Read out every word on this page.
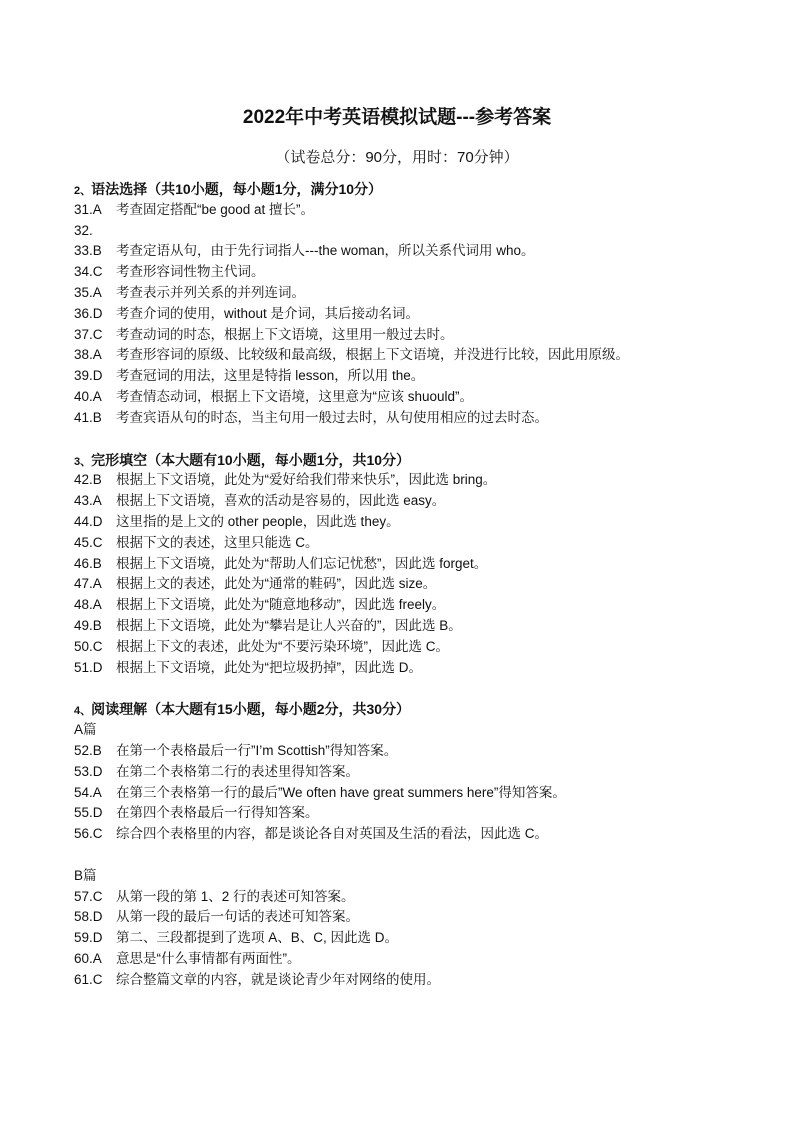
2022年中考英语模拟试题---参考答案
（试卷总分：90分，用时：70分钟）
2、语法选择（共10小题，每小题1分，满分10分）
31.A 考查固定搭配“be good at 擅长”。
32.
33.B 考查定语从句，由于先行词指人---the woman，所以关系代词用 who。
34.C 考查形容词性物主代词。
35.A 考查表示并列关系的并列连词。
36.D 考查介词的使用，without 是介词，其后接动名词。
37.C 考查动词的时态，根据上下文语境，这里用一般过去时。
38.A 考查形容词的原级、比较级和最高级，根据上下文语境，并没进行比较，因此用原级。
39.D 考查冠词的用法，这里是特指 lesson，所以用 the。
40.A 考查情态动词，根据上下文语境，这里意为“应该 shuould”。
41.B 考查宾语从句的时态，当主句用一般过去时，从句使用相应的过去时态。
3、完形填空（本大题有10小题，每小题1分，共10分）
42.B 根据上下文语境，此处为“爱好给我们带来快乐”，因此选 bring。
43.A 根据上下文语境，喜欢的活动是容易的，因此选 easy。
44.D 这里指的是上文的 other people，因此选 they。
45.C 根据下文的表述，这里只能选 C。
46.B 根据上下文语境，此处为“帮助人们忘记忧愁”，因此选 forget。
47.A 根据上文的表述，此处为“通常的鞋码”，因此选 size。
48.A 根据上下文语境，此处为“随意地移动”，因此选 freely。
49.B 根据上下文语境，此处为“攀岩是让人兴奋的”，因此选 B。
50.C 根据上下文的表述，此处为“不要污染环境”，因此选 C。
51.D 根据上下文语境，此处为“把垃圾扔掉”，因此选 D。
4、阅读理解（本大题有15小题，每小题2分，共30分）
A篇
52.B 在第一个表格最后一行”I’m Scottish”得知答案。
53.D 在第二个表格第二行的表述里得知答案。
54.A 在第三个表格第一行的最后”We often have great summers here”得知答案。
55.D 在第四个表格最后一行得知答案。
56.C 综合四个表格里的内容，都是谈论各自对英国及生活的看法，因此选 C。
B篇
57.C 从第一段的第 1、2 行的表述可知答案。
58.D 从第一段的最后一句话的表述可知答案。
59.D 第二、三段都提到了选项 A、B、C, 因此选 D。
60.A 意思是“什么事情都有两面性”。
61.C 综合整篇文章的内容，就是谈论青少年对网络的使用。
